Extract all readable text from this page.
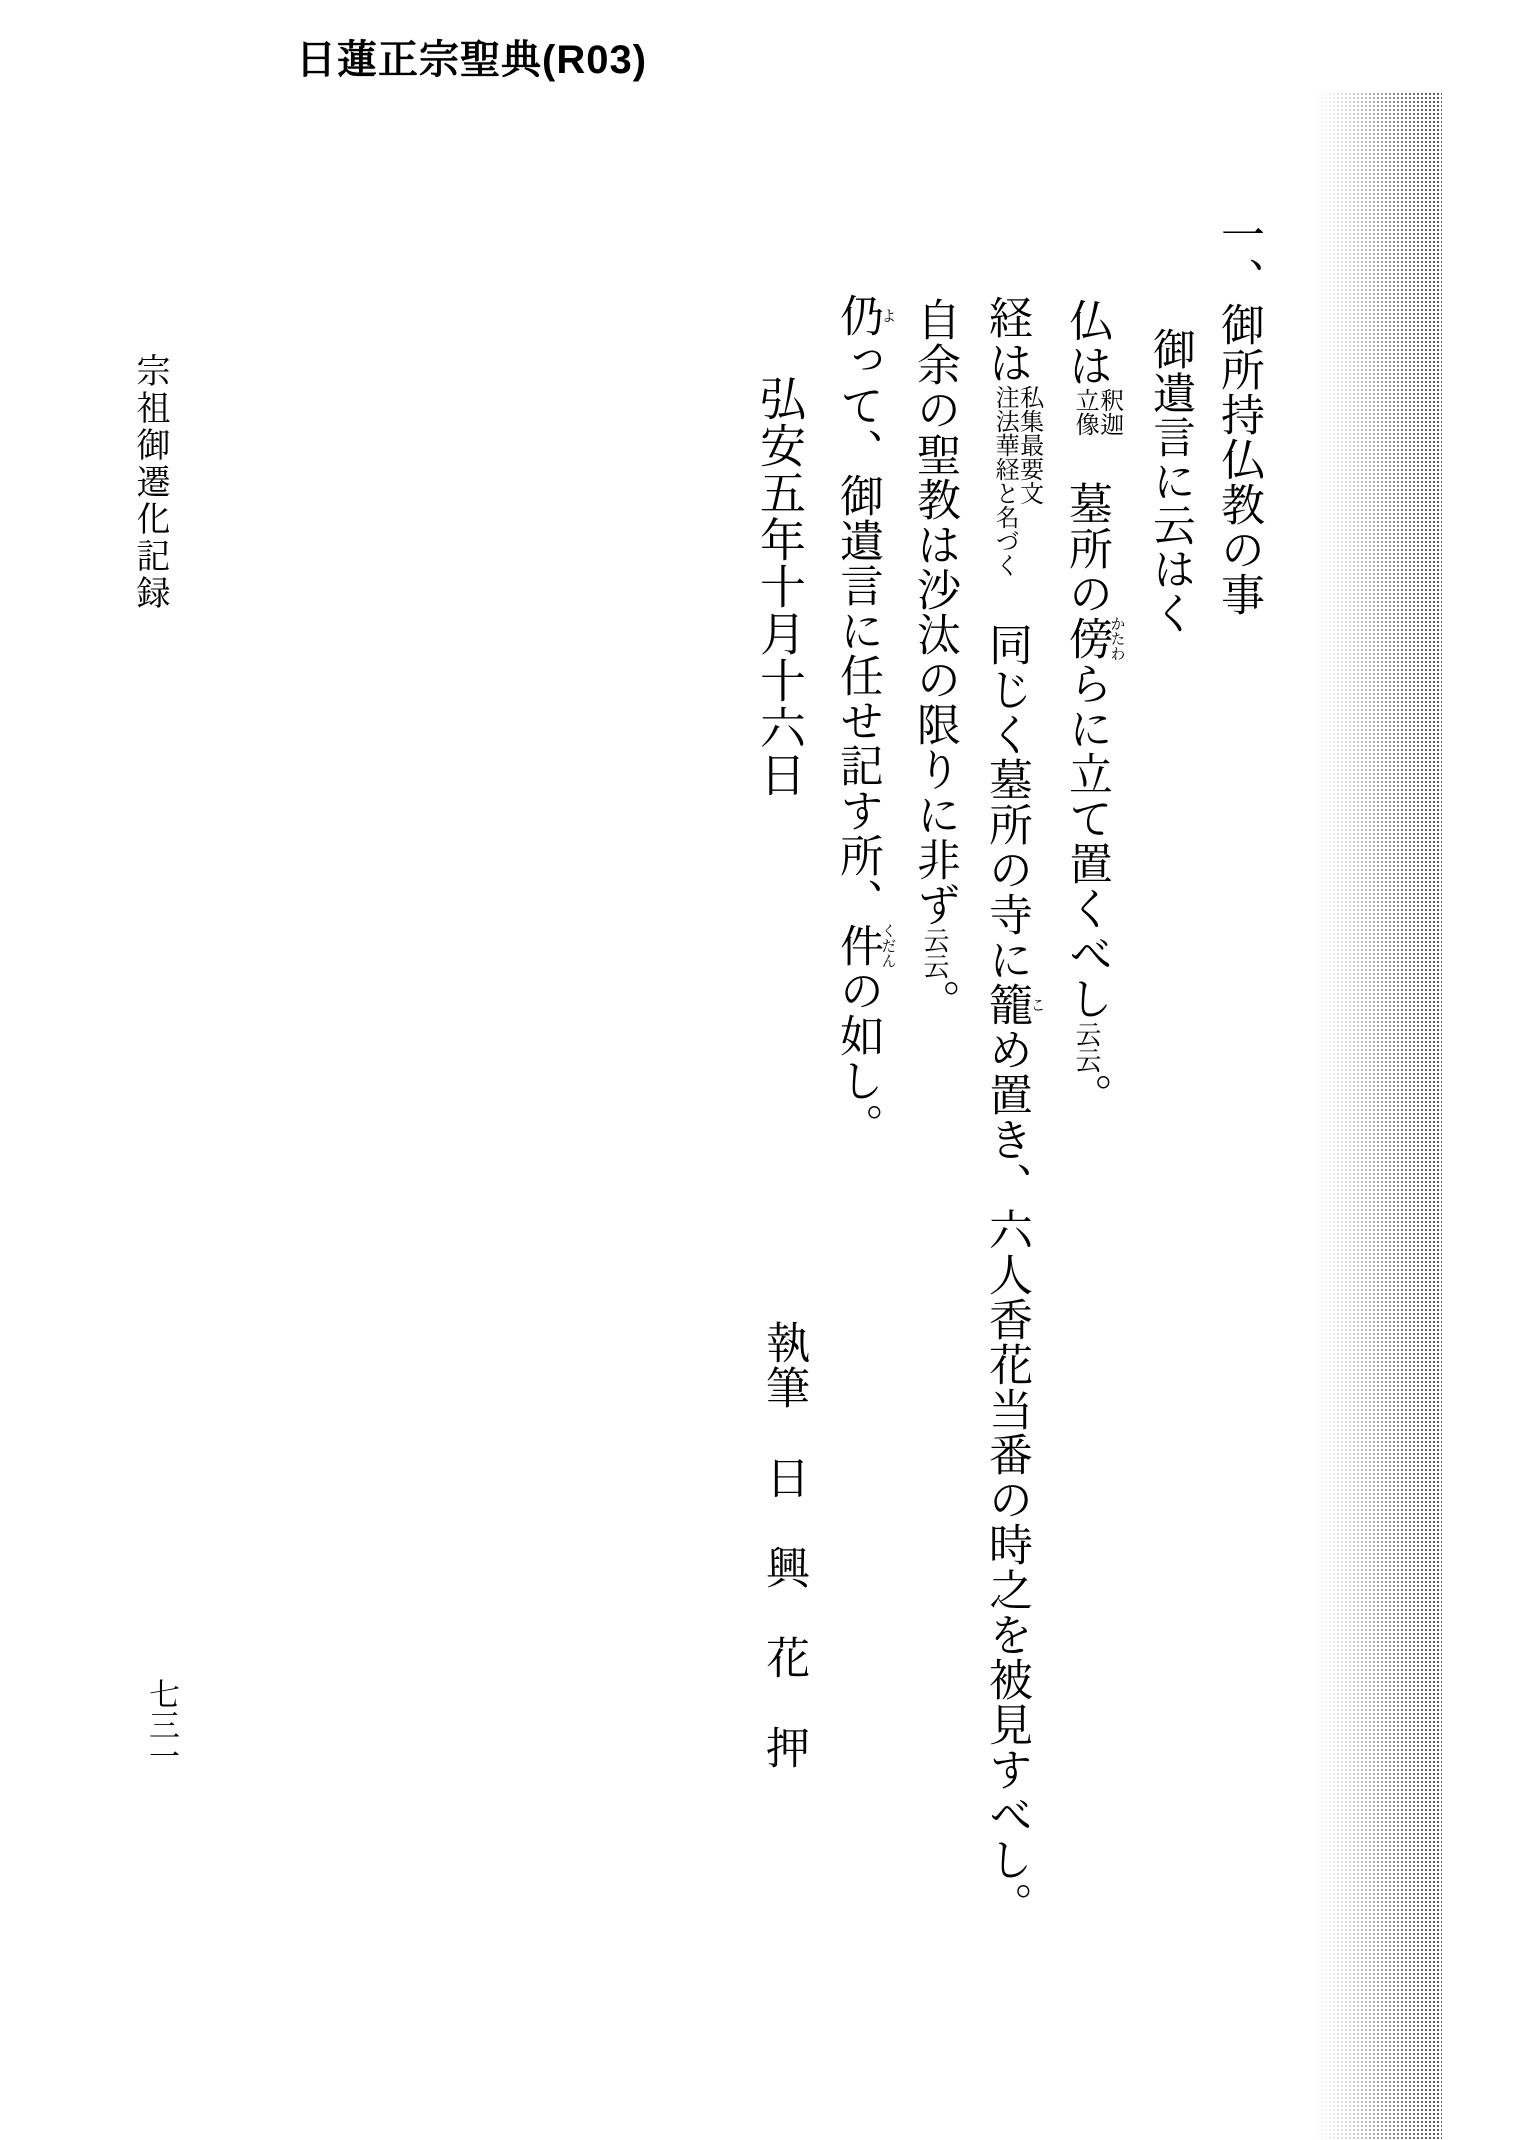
日蓮正宗聖典(R03)
一、御所持仏教の事
御遺言に云はく
仏は
釈迦
立像
　墓所の傍かたわらに立て置くべし云云。
経は
私集最要文
注法華経と名づく
　同じく墓所の寺に籠こめ置き、六人香花当番の時之を被見すべし。
自余の聖教は沙汰の限りに非ず云云。
仍よって、御遺言に任せ記す所、件くだんの如し。
弘安五年十月十六日
執筆　日　興　花　押
宗祖御遷化記録
七三一
